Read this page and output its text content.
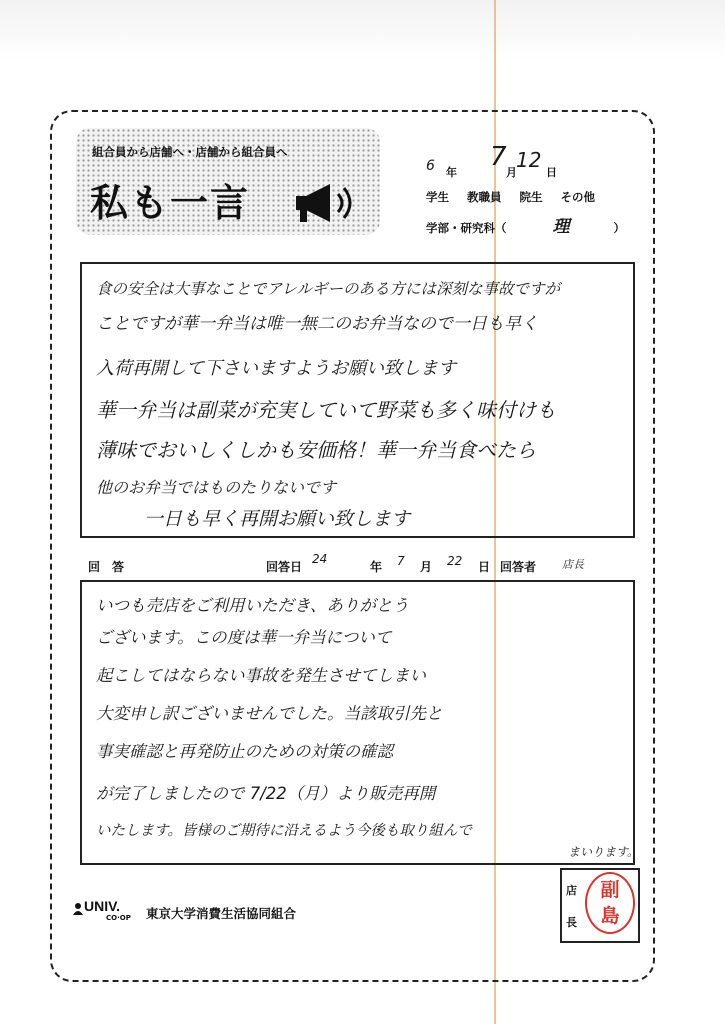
組合員から店舗へ・店舗から組合員へ
私も一言
6 年
7
月
12
日
学生 教職員 院生 その他
学部・研究科（	理	）
食の安全は大事なことでアレルギーのある方には深刻な事故ですが
ことですが華一弁当は唯一無二のお弁当なので一日も早く
入荷再開して下さいますようお願い致します
華一弁当は副菜が充実していて野菜も多く味付けも
薄味でおいしくしかも安価格！華一弁当食べたら
他のお弁当ではものたりないです
一日も早く再開お願い致します
回　答	回答日
24
年 7 月 22 日 回答者 店長
いつも売店をご利用いただき、ありがとう
ございます。この度は華一弁当について
起こしてはならない事故を発生させてしまい
大変申し訳ございませんでした。当該取引先と
事実確認と再発防止のための対策の確認
が完了しましたので 7/22（月）より販売再開
いたします。皆様のご期待に沿えるよう今後も取り組んで
まいります。
UNIV.
CO·OP 東京大学消費生活協同組合
店
長
副
島
